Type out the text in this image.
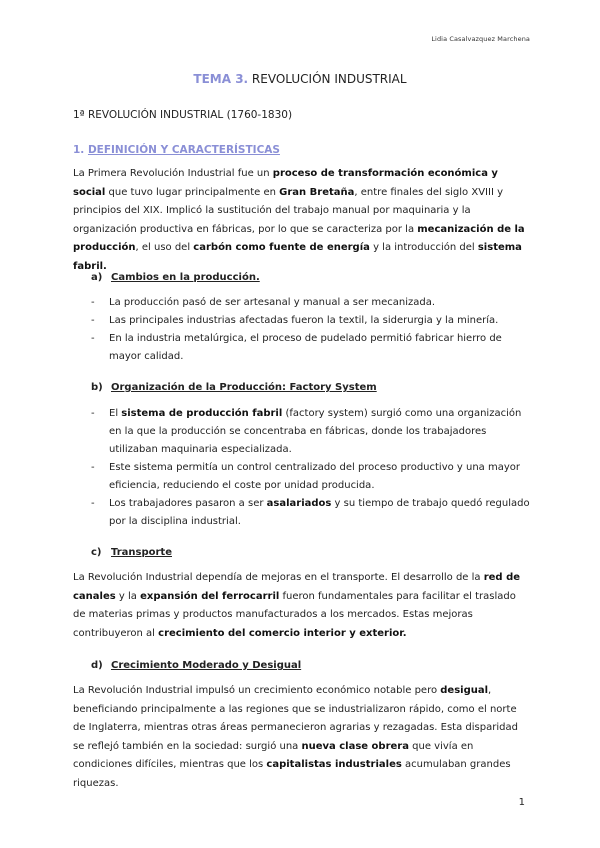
Lidia Casalvazquez Marchena
TEMA 3. REVOLUCIÓN INDUSTRIAL
1ª REVOLUCIÓN INDUSTRIAL (1760-1830)
1. DEFINICIÓN Y CARACTERÍSTICAS
La Primera Revolución Industrial fue un proceso de transformación económica y social que tuvo lugar principalmente en Gran Bretaña, entre finales del siglo XVIII y principios del XIX. Implicó la sustitución del trabajo manual por maquinaria y la organización productiva en fábricas, por lo que se caracteriza por la mecanización de la producción, el uso del carbón como fuente de energía y la introducción del sistema fabril.
a) Cambios en la producción.
- La producción pasó de ser artesanal y manual a ser mecanizada.
- Las principales industrias afectadas fueron la textil, la siderurgia y la minería.
- En la industria metalúrgica, el proceso de pudelado permitió fabricar hierro de mayor calidad.
b) Organización de la Producción: Factory System
- El sistema de producción fabril (factory system) surgió como una organización en la que la producción se concentraba en fábricas, donde los trabajadores utilizaban maquinaria especializada.
- Este sistema permitía un control centralizado del proceso productivo y una mayor eficiencia, reduciendo el coste por unidad producida.
- Los trabajadores pasaron a ser asalariados y su tiempo de trabajo quedó regulado por la disciplina industrial.
c) Transporte
La Revolución Industrial dependía de mejoras en el transporte. El desarrollo de la red de canales y la expansión del ferrocarril fueron fundamentales para facilitar el traslado de materias primas y productos manufacturados a los mercados. Estas mejoras contribuyeron al crecimiento del comercio interior y exterior.
d) Crecimiento Moderado y Desigual
La Revolución Industrial impulsó un crecimiento económico notable pero desigual, beneficiando principalmente a las regiones que se industrializaron rápido, como el norte de Inglaterra, mientras otras áreas permanecieron agrarias y rezagadas. Esta disparidad se reflejó también en la sociedad: surgió una nueva clase obrera que vivía en condiciones difíciles, mientras que los capitalistas industriales acumulaban grandes riquezas.
1
